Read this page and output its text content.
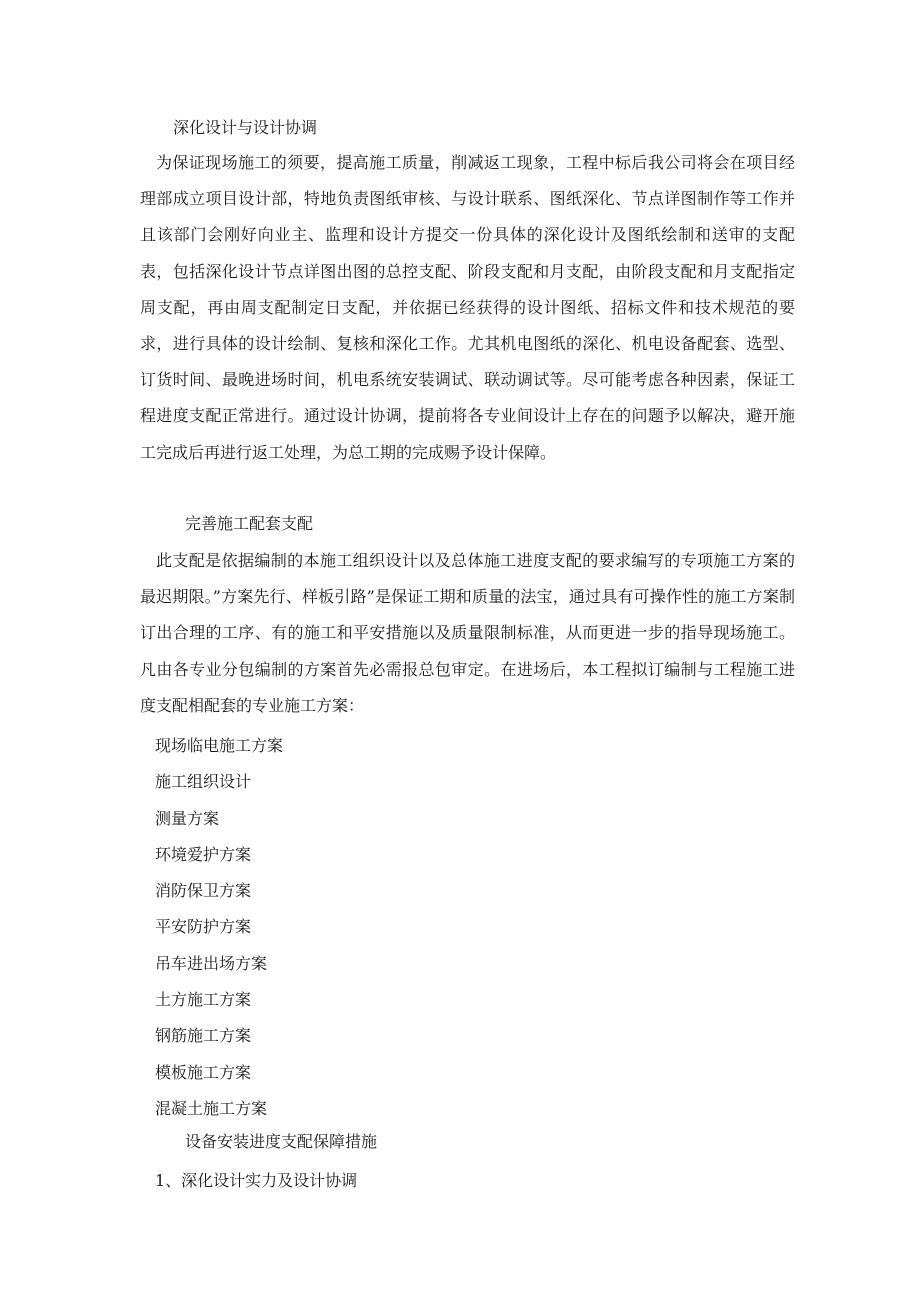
深化设计与设计协调

为保证现场施工的须要，提高施工质量，削减返工现象，工程中标后我公司将会在项目经理部成立项目设计部，特地负责图纸审核、与设计联系、图纸深化、节点详图制作等工作并且该部门会刚好向业主、监理和设计方提交一份具体的深化设计及图纸绘制和送审的支配表，包括深化设计节点详图出图的总控支配、阶段支配和月支配，由阶段支配和月支配指定周支配，再由周支配制定日支配，并依据已经获得的设计图纸、招标文件和技术规范的要求，进行具体的设计绘制、复核和深化工作。尤其机电图纸的深化、机电设备配套、选型、订货时间、最晚进场时间，机电系统安装调试、联动调试等。尽可能考虑各种因素，保证工程进度支配正常进行。通过设计协调，提前将各专业间设计上存在的问题予以解决，避开施工完成后再进行返工处理，为总工期的完成赐予设计保障。

完善施工配套支配

此支配是依据编制的本施工组织设计以及总体施工进度支配的要求编写的专项施工方案的最迟期限。”方案先行、样板引路”是保证工期和质量的法宝，通过具有可操作性的施工方案制订出合理的工序、有的施工和平安措施以及质量限制标准，从而更进一步的指导现场施工。凡由各专业分包编制的方案首先必需报总包审定。在进场后，本工程拟订编制与工程施工进度支配相配套的专业施工方案：

现场临电施工方案
施工组织设计
测量方案
环境爱护方案
消防保卫方案
平安防护方案
吊车进出场方案
土方施工方案
钢筋施工方案
模板施工方案
混凝土施工方案
设备安装进度支配保障措施
1、深化设计实力及设计协调
